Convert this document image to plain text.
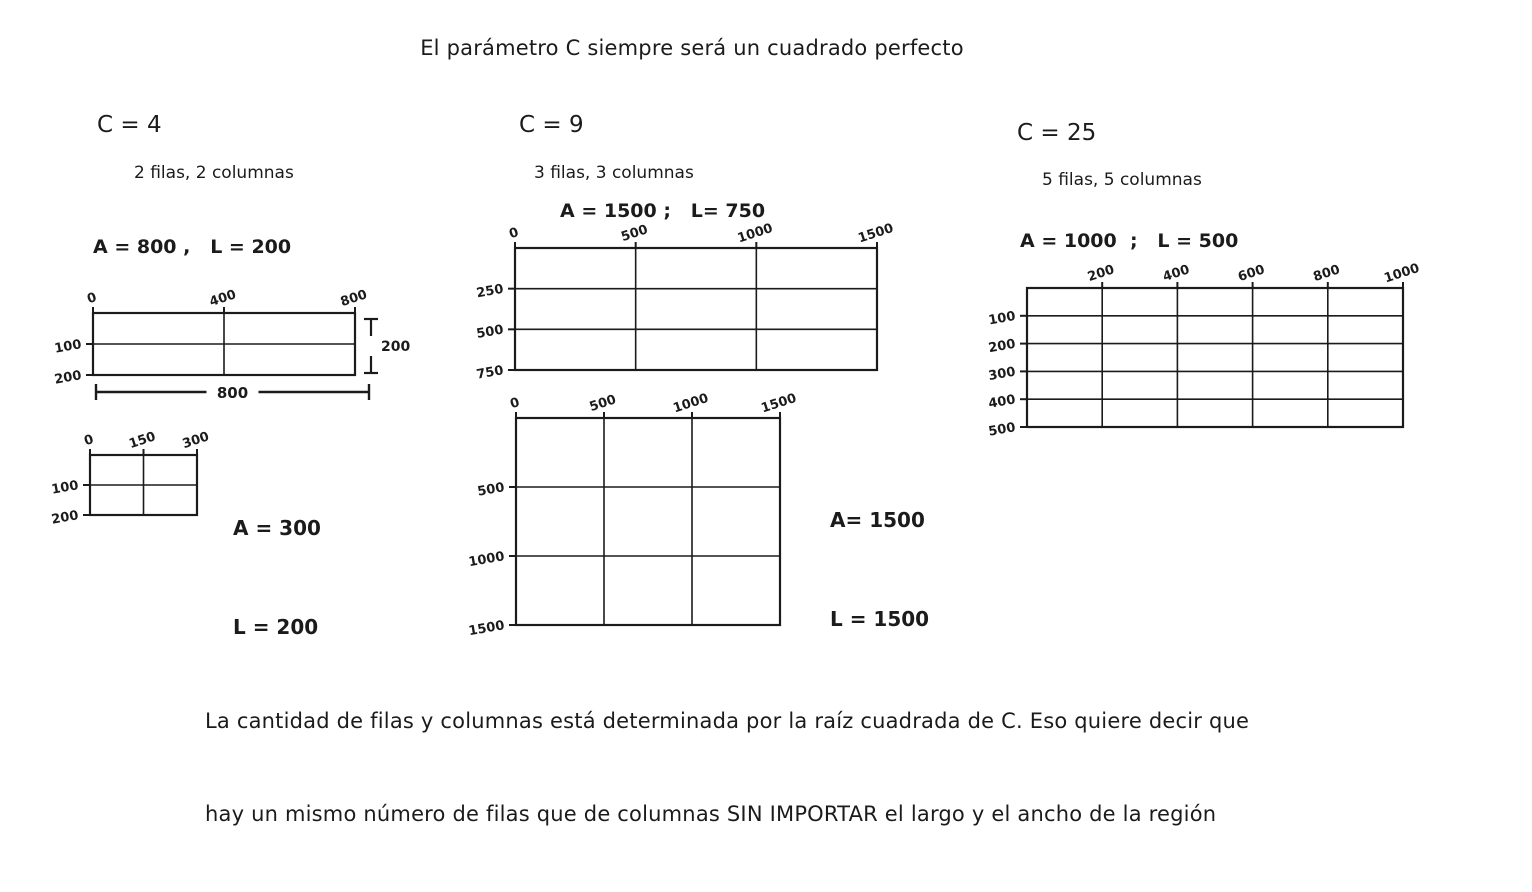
El parámetro C siempre será un cuadrado perfecto
C = 4
2 filas, 2 columnas
A = 800 ,   L = 200
0	400	800
100
200
200
800
0 150 300
100
200

	A = 300

L = 200

C = 9
3 filas, 3 columnas
A = 1500 ;   L= 750
0	500	1000	1500
250
500
750
0	500	1000	1500
500
1000
1500

A= 1500

L = 1500

C = 25
5 filas, 5 columnas
A = 1000  ;   L = 500
200	400	600	800	1000
100
200
300
400
500

La cantidad de filas y columnas está determinada por la raíz cuadrada de C. Eso quiere decir que

hay un mismo número de filas que de columnas SIN IMPORTAR el largo y el ancho de la región
